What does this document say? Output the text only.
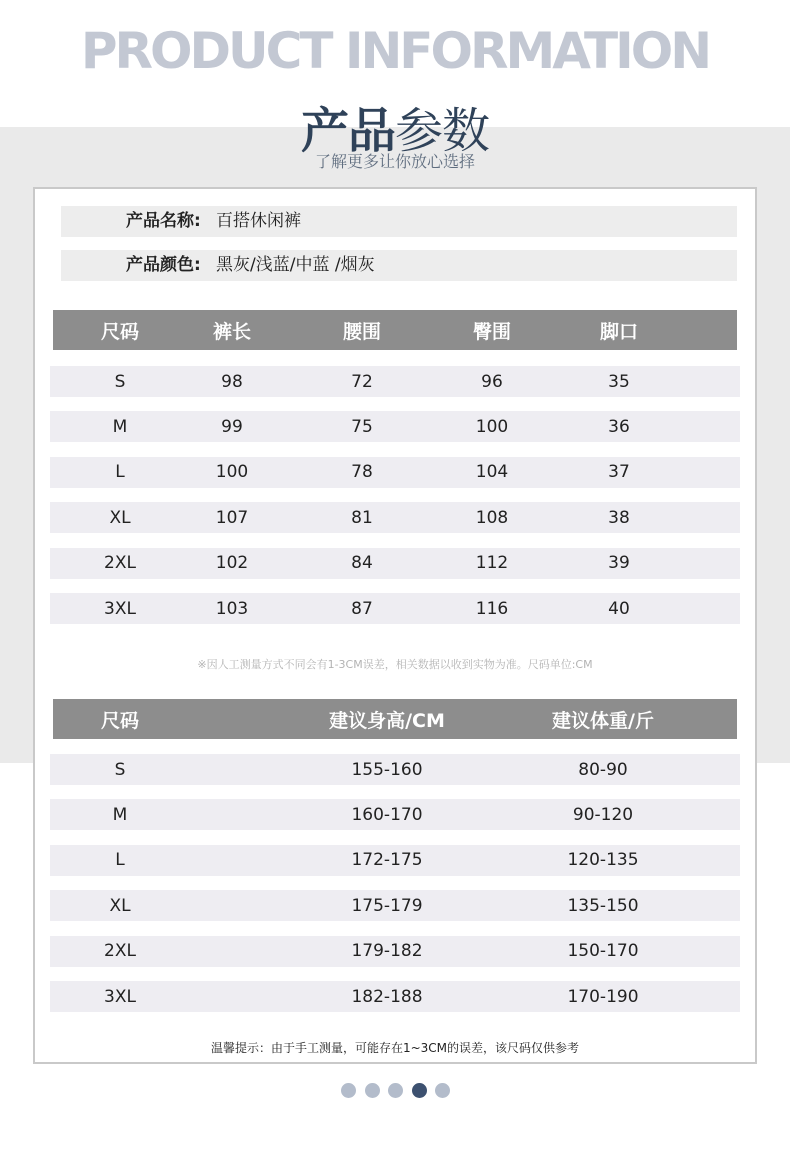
PRODUCT INFORMATION
产品参数
了解更多让你放心选择
产品名称: 百搭休闲裤
产品颜色: 黑灰/浅蓝/中蓝 /烟灰
尺码	裤长	腰围	臀围	脚口
S	98	72	96	35
M	99	75	100	36
L	100	78	104	37
XL	107	81	108	38
2XL	102	84	112	39
3XL	103	87	116	40
※因人工测量方式不同会有1-3CM误差，相关数据以收到实物为准。尺码单位:CM
尺码	建议身高/CM	建议体重/斤
S	155-160	80-90
M	160-170	90-120
L	172-175	120-135
XL	175-179	135-150
2XL	179-182	150-170
3XL	182-188	170-190
温馨提示：由于手工测量，可能存在1~3CM的误差，该尺码仅供参考
